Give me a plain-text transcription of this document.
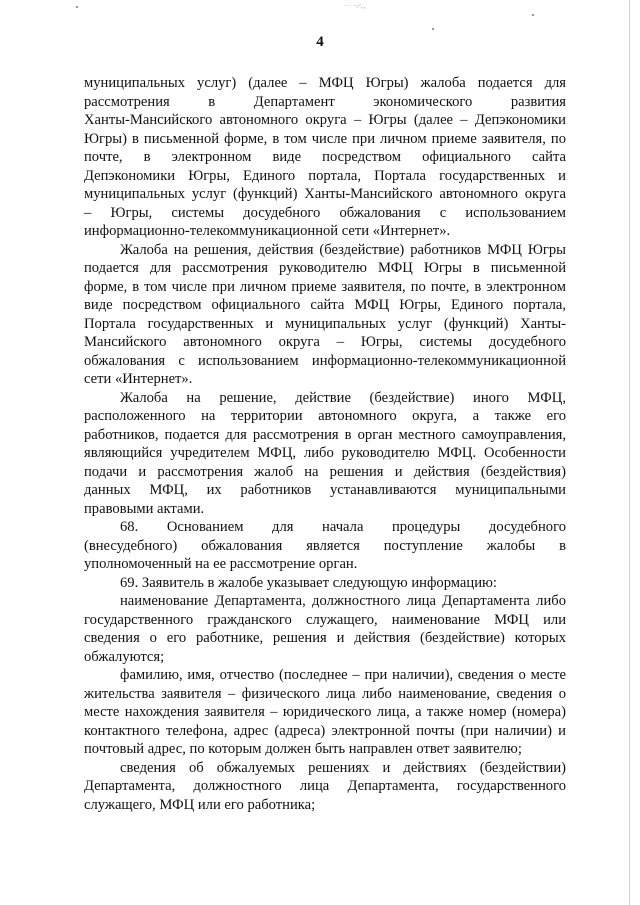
·· ·∕∕ₑ,
4

муниципальных услуг) (далее – МФЦ Югры) жалоба подается для
рассмотрения в Департамент экономического развития
Ханты-Мансийского автономного округа – Югры (далее – Депэкономики
Югры) в письменной форме, в том числе при личном приеме заявителя, по
почте, в электронном виде посредством официального сайта
Депэкономики Югры, Единого портала, Портала государственных и
муниципальных услуг (функций) Ханты-Мансийского автономного округа
– Югры, системы досудебного обжалования с использованием
информационно-телекоммуникационной сети «Интернет».

Жалоба на решения, действия (бездействие) работников МФЦ Югры
подается для рассмотрения руководителю МФЦ Югры в письменной
форме, в том числе при личном приеме заявителя, по почте, в электронном
виде посредством официального сайта МФЦ Югры, Единого портала,
Портала государственных и муниципальных услуг (функций) Ханты-
Мансийского автономного округа – Югры, системы досудебного
обжалования с использованием информационно-телекоммуникационной
сети «Интернет».

Жалоба на решение, действие (бездействие) иного МФЦ,
расположенного на территории автономного округа, а также его
работников, подается для рассмотрения в орган местного самоуправления,
являющийся учредителем МФЦ, либо руководителю МФЦ. Особенности
подачи и рассмотрения жалоб на решения и действия (бездействия)
данных МФЦ, их работников устанавливаются муниципальными
правовыми актами.

68. Основанием для начала процедуры досудебного
(внесудебного) обжалования является поступление жалобы в
уполномоченный на ее рассмотрение орган.

69. Заявитель в жалобе указывает следующую информацию:

наименование Департамента, должностного лица Департамента либо
государственного гражданского служащего, наименование МФЦ или
сведения о его работнике, решения и действия (бездействие) которых
обжалуются;

фамилию, имя, отчество (последнее – при наличии), сведения о месте
жительства заявителя – физического лица либо наименование, сведения о
месте нахождения заявителя – юридического лица, а также номер (номера)
контактного телефона, адрес (адреса) электронной почты (при наличии) и
почтовый адрес, по которым должен быть направлен ответ заявителю;

сведения об обжалуемых решениях и действиях (бездействии)
Департамента, должностного лица Департамента, государственного
служащего, МФЦ или его работника;
